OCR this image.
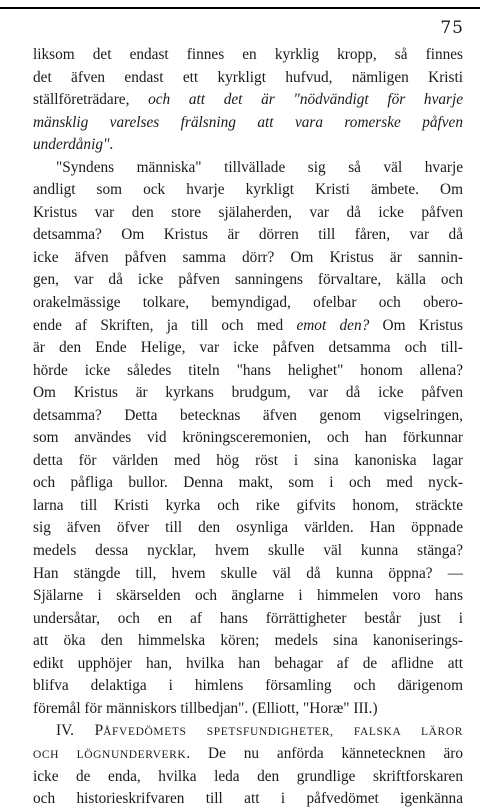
75
liksom det endast finnes en kyrklig kropp, så finnes
det äfven endast ett kyrkligt hufvud, nämligen Kristi
ställföreträdare, och att det är "nödvändigt för hvarje
mänsklig varelses frälsning att vara romerske påfven
underdånig".
"Syndens människa" tillvällade sig så väl hvarje
andligt som ock hvarje kyrkligt Kristi ämbete. Om
Kristus var den store själaherden, var då icke påfven
detsamma? Om Kristus är dörren till fåren, var då
icke äfven påfven samma dörr? Om Kristus är sannin-
gen, var då icke påfven sanningens förvaltare, källa och
orakelmässige tolkare, bemyndigad, ofelbar och obero-
ende af Skriften, ja till och med emot den? Om Kristus
är den Ende Helige, var icke påfven detsamma och till-
hörde icke således titeln "hans helighet" honom allena?
Om Kristus är kyrkans brudgum, var då icke påfven
detsamma? Detta betecknas äfven genom vigselringen,
som användes vid kröningsceremonien, och han förkunnar
detta för världen med hög röst i sina kanoniska lagar
och påfliga bullor. Denna makt, som i och med nyck-
larna till Kristi kyrka och rike gifvits honom, sträckte
sig äfven öfver till den osynliga världen. Han öppnade
medels dessa nycklar, hvem skulle väl kunna stänga?
Han stängde till, hvem skulle väl då kunna öppna? —
Själarne i skärselden och änglarne i himmelen voro hans
undersåtar, och en af hans förrättigheter består just i
att öka den himmelska kören; medels sina kanoniserings-
edikt upphöjer han, hvilka han behagar af de aflidne att
blifva delaktiga i himlens församling och därigenom
föremål för människors tillbedjan". (Elliott, "Horæ" III.)
IV. PÅFVEDÖMETS SPETSFUNDIGHETER, FALSKA LÄROR
OCH LÖGNUNDERVERK. De nu anförda kännetecknen äro
icke de enda, hvilka leda den grundlige skriftforskaren
och historieskrifvaren till att i påfvedömet igenkänna
